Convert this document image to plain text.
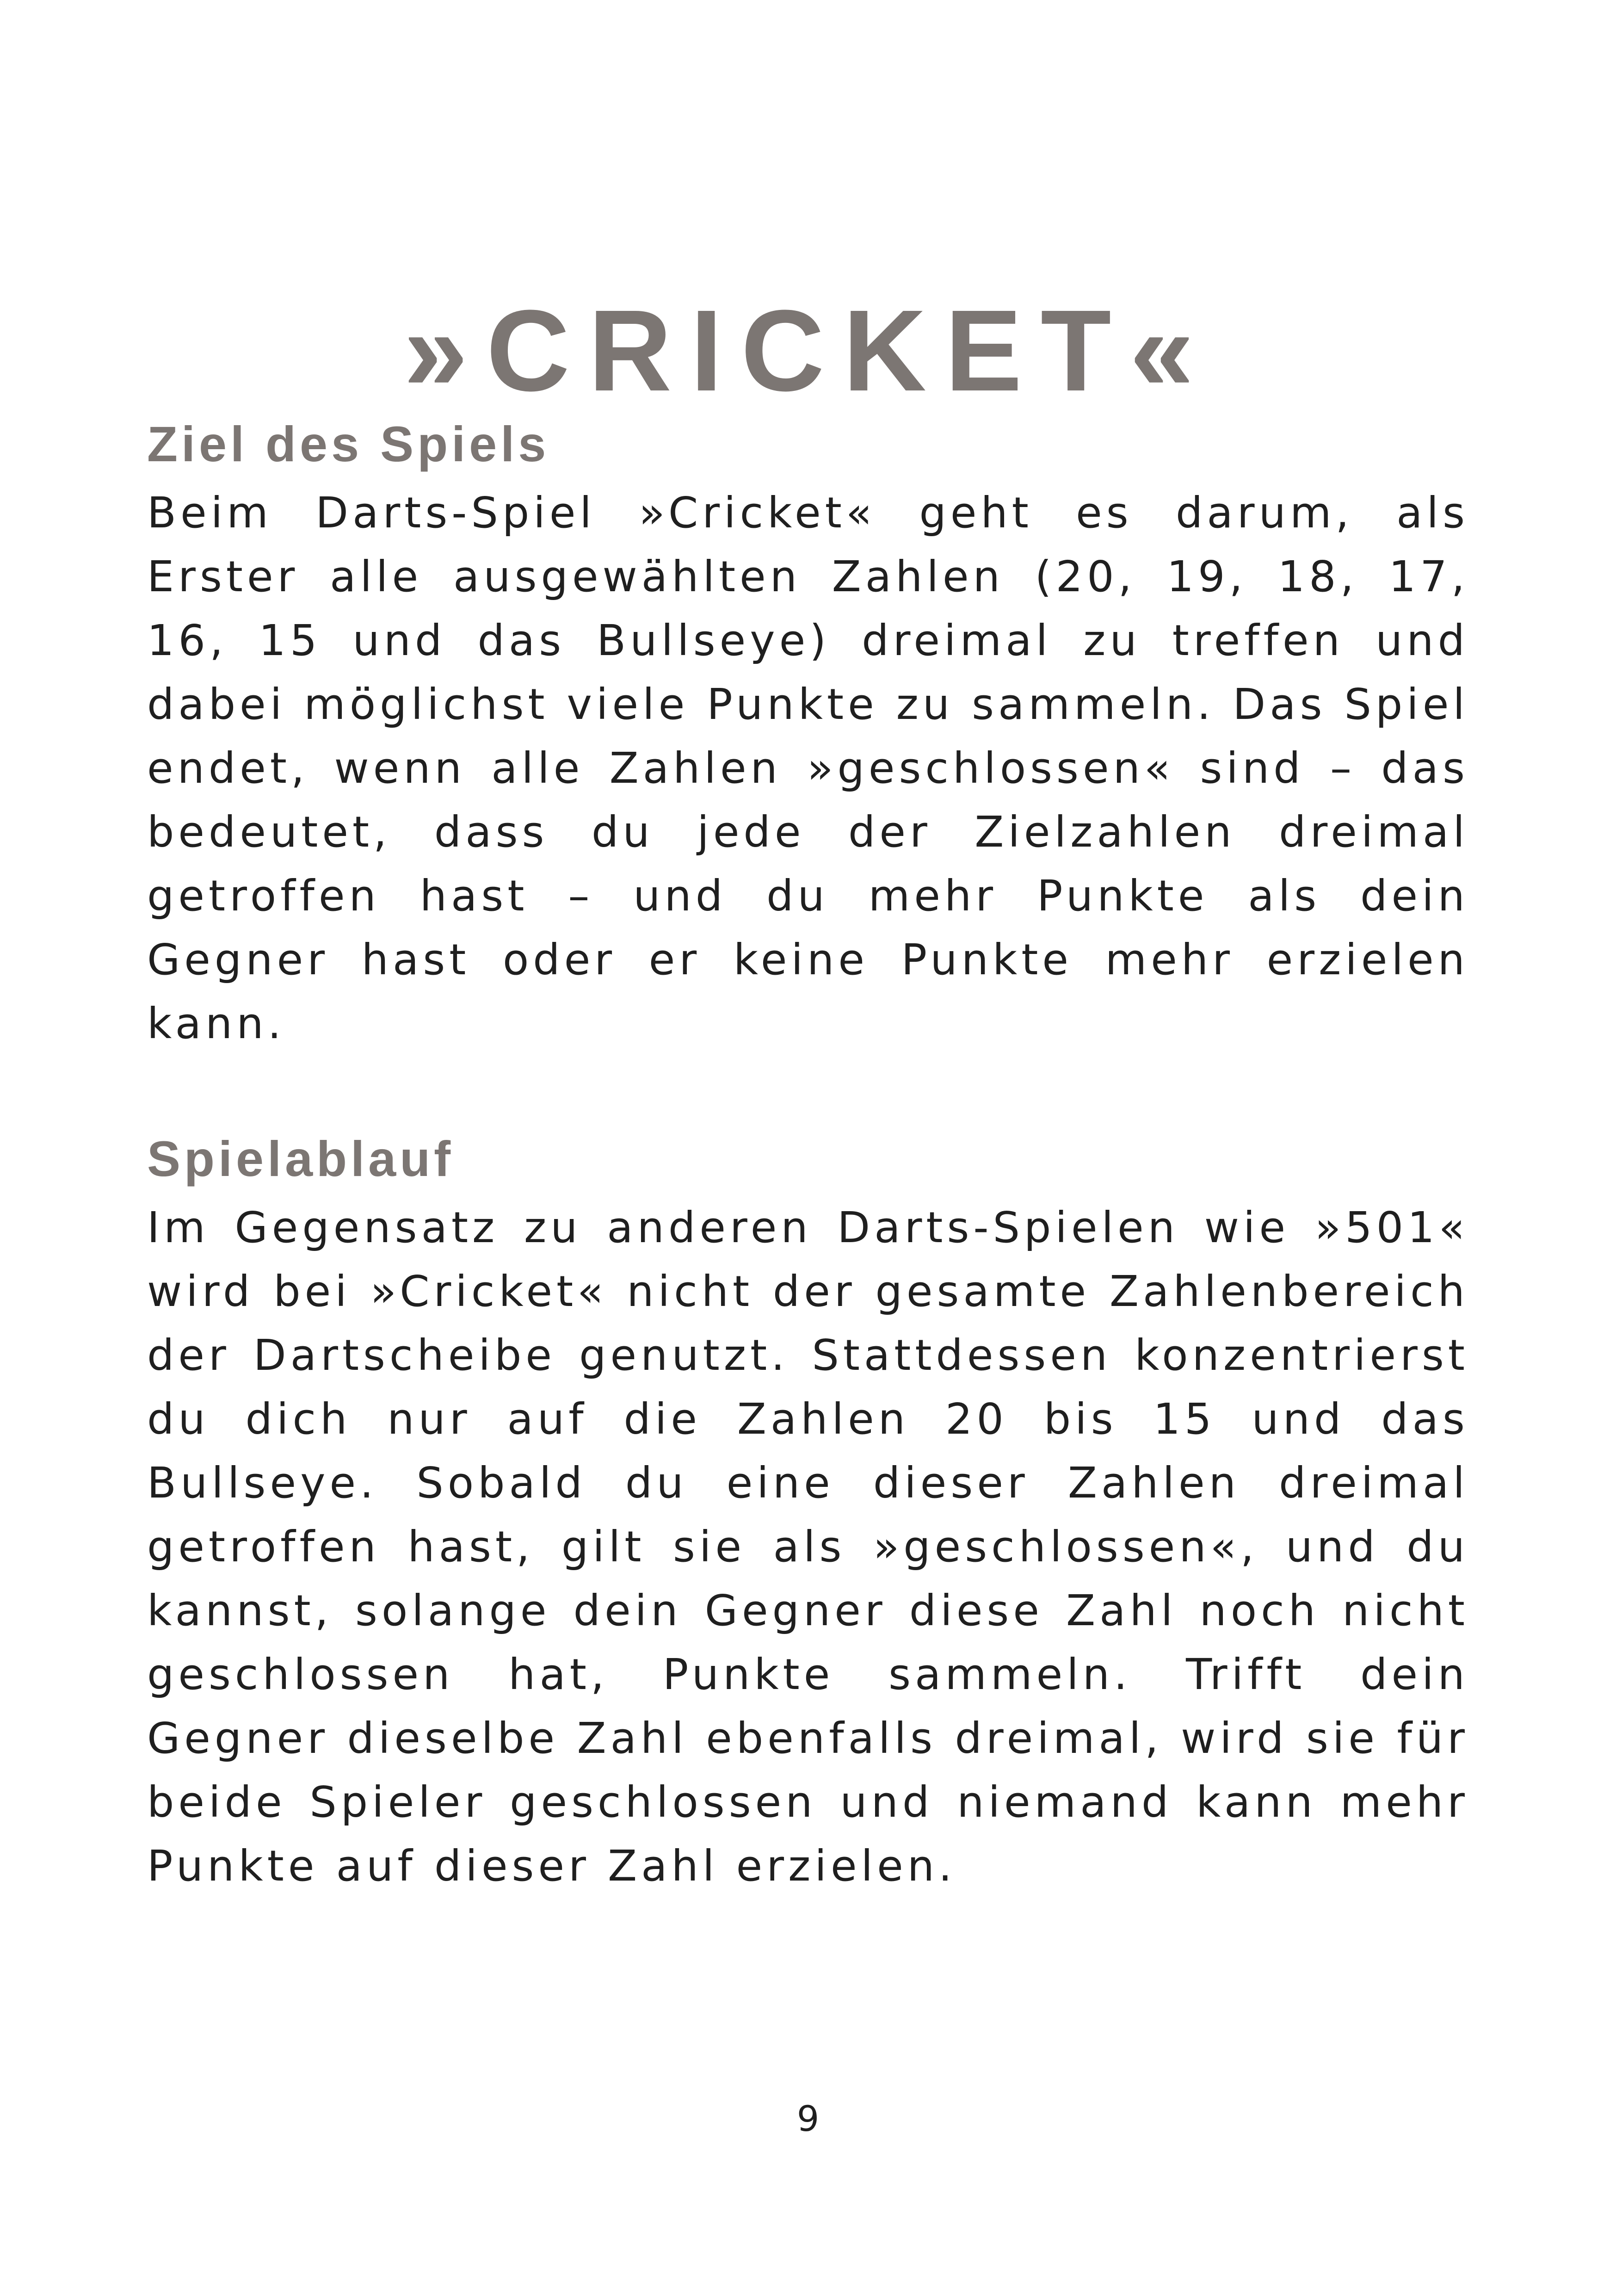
»CRICKET«
Ziel des Spiels

Beim Darts-Spiel »Cricket« geht es darum, als Erster alle ausgewählten Zahlen (20, 19, 18, 17, 16, 15 und das Bullseye) dreimal zu treffen und dabei möglichst viele Punkte zu sammeln. Das Spiel endet, wenn alle Zahlen »geschlossen« sind – das bedeutet, dass du jede der Zielzahlen dreimal getroffen hast – und du mehr Punkte als dein Gegner hast oder er keine Punkte mehr erzielen kann.

Spielablauf

Im Gegensatz zu anderen Darts-Spielen wie »501« wird bei »Cricket« nicht der gesamte Zahlenbereich der Dartscheibe genutzt. Stattdessen konzentrierst du dich nur auf die Zahlen 20 bis 15 und das Bullseye. Sobald du eine dieser Zahlen dreimal getroffen hast, gilt sie als »geschlossen«, und du kannst, solange dein Gegner diese Zahl noch nicht geschlossen hat, Punkte sammeln. Trifft dein Gegner dieselbe Zahl ebenfalls dreimal, wird sie für beide Spieler geschlossen und niemand kann mehr Punkte auf dieser Zahl erzielen.

9
